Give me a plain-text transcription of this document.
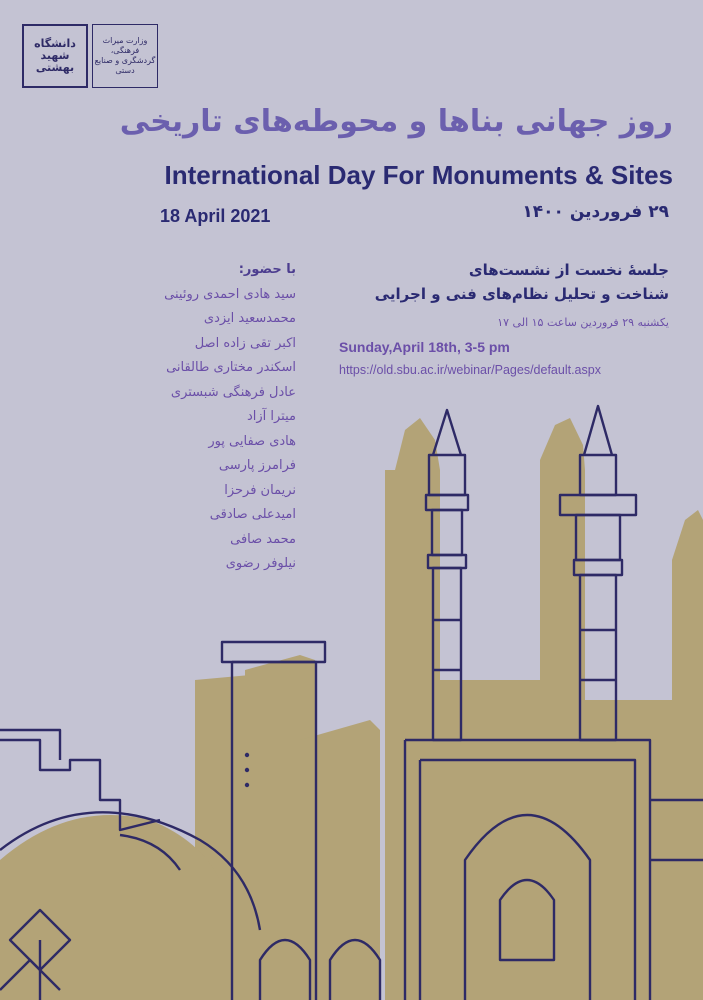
دانشگاه شهید بهشتی
وزارت میراث فرهنگی، گردشگری و صنایع دستی
روز جهانی بناها و محوطه‌های تاریخی
International Day For Monuments & Sites
18 April 2021	۲۹ فروردین ۱۴۰۰
با حضور:
سید هادی احمدی روئینی
محمدسعید ایزدی
اکبر تقی زاده اصل
اسکندر مختاری طالقانی
عادل فرهنگی شبستری
میترا آزاد
هادی صفایی پور
فرامرز پارسی
نریمان فرحزا
امیدعلی صادقی
محمد صافی
نیلوفر رضوی
جلسهٔ نخست از نشست‌های
شناخت و تحلیل نظام‌های فنی و اجرایی
یکشنبه ۲۹ فروردین ساعت ۱۵ الی ۱۷
Sunday,April 18th, 3-5 pm
https://old.sbu.ac.ir/webinar/Pages/default.aspx
